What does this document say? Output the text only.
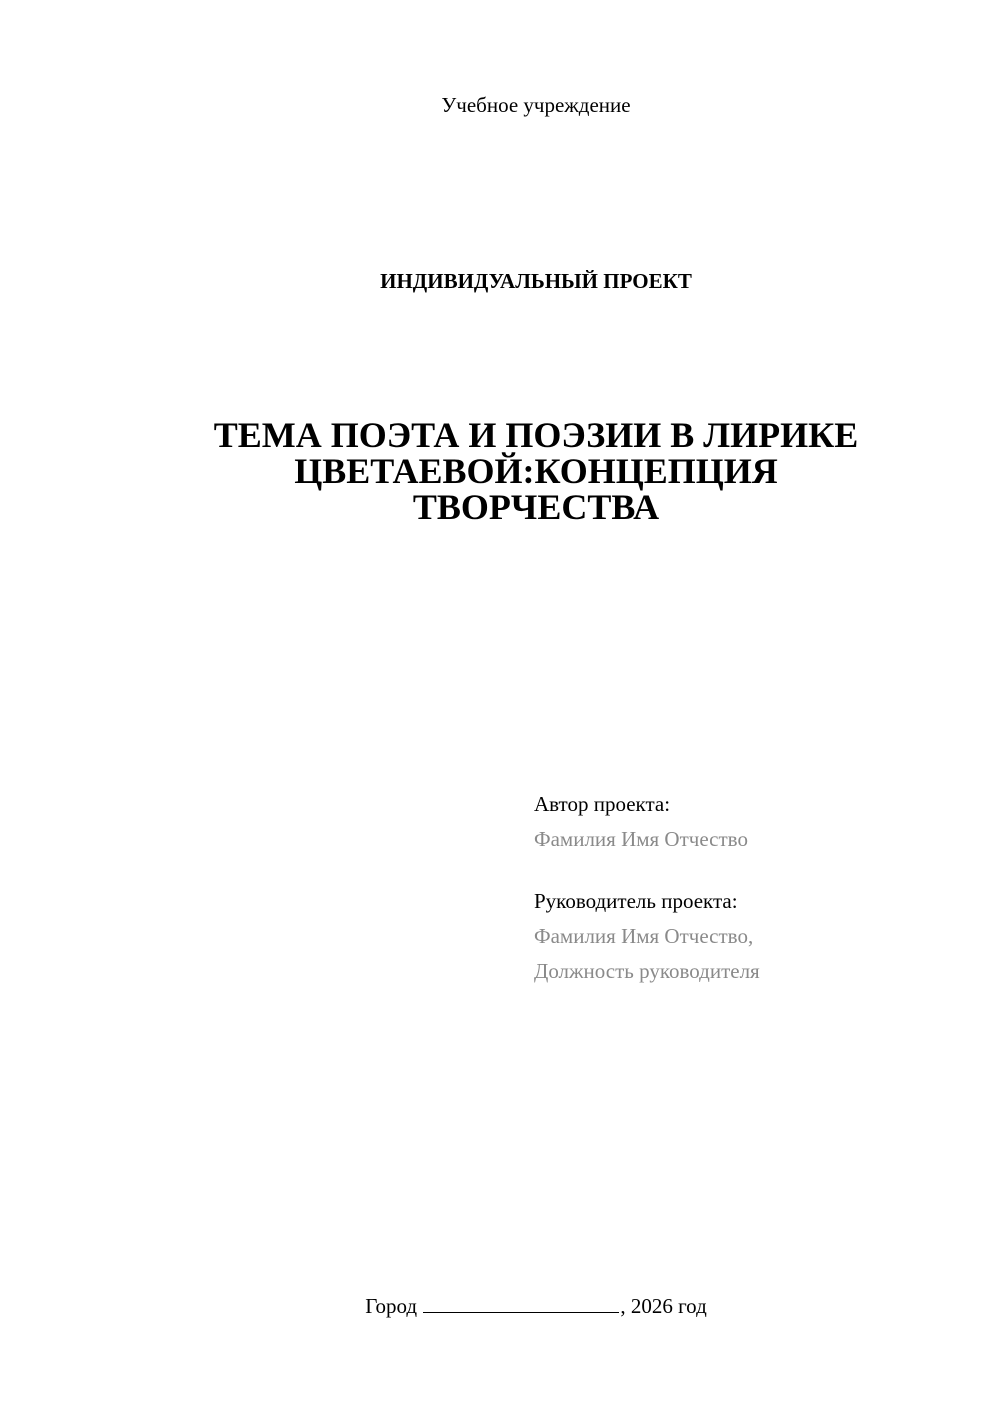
Учебное учреждение
ИНДИВИДУАЛЬНЫЙ ПРОЕКТ
ТЕМА ПОЭТА И ПОЭЗИИ В ЛИРИКЕ
ЦВЕТАЕВОЙ:КОНЦЕПЦИЯ
ТВОРЧЕСТВА
Автор проекта:
Фамилия Имя Отчество
Руководитель проекта:
Фамилия Имя Отчество,
Должность руководителя
Город	, 2026 год
